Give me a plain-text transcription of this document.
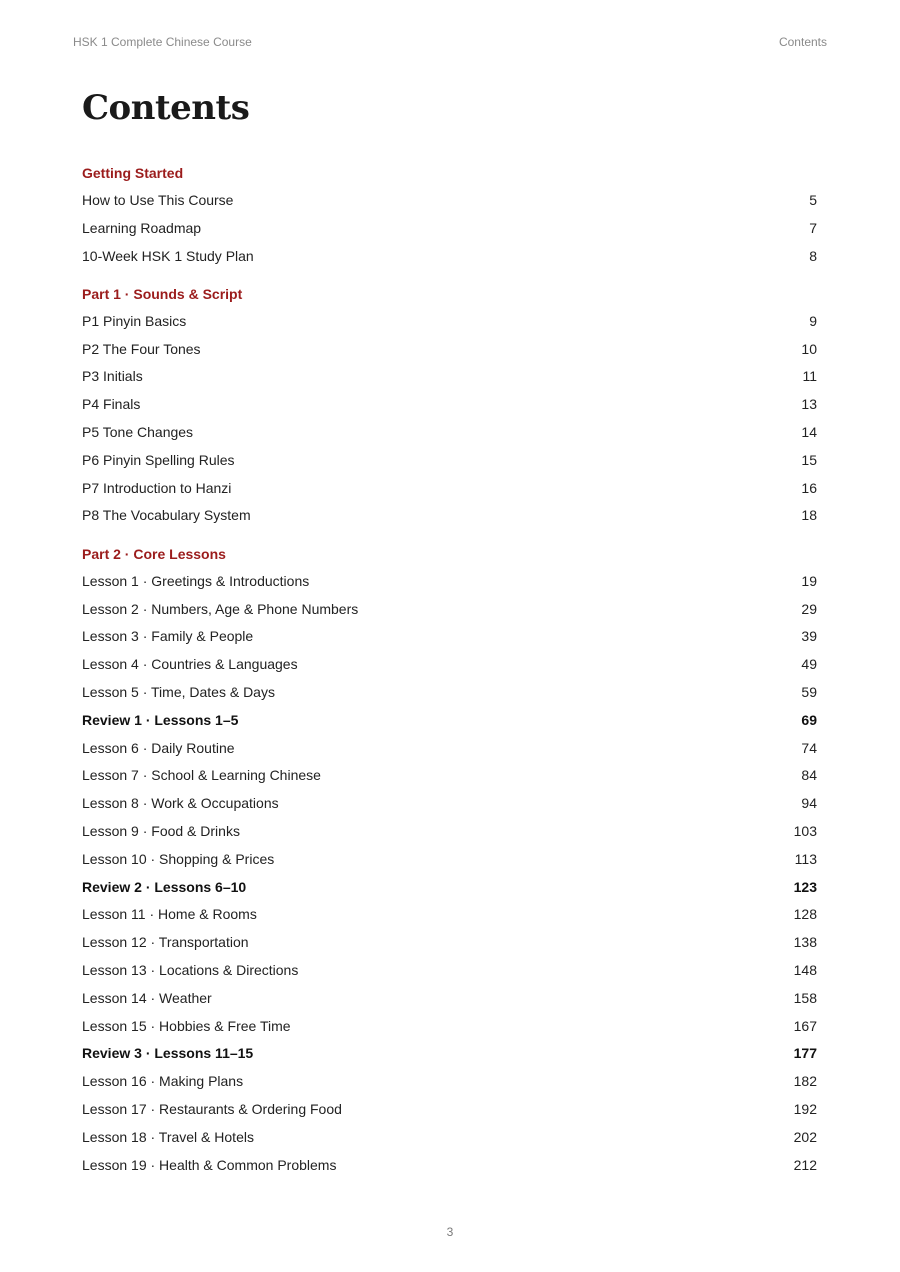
HSK 1 Complete Chinese Course	Contents
Contents
Getting Started
How to Use This Course	5
Learning Roadmap	7
10-Week HSK 1 Study Plan	8
Part 1 · Sounds & Script
P1 Pinyin Basics	9
P2 The Four Tones	10
P3 Initials	11
P4 Finals	13
P5 Tone Changes	14
P6 Pinyin Spelling Rules	15
P7 Introduction to Hanzi	16
P8 The Vocabulary System	18
Part 2 · Core Lessons
Lesson 1 · Greetings & Introductions	19
Lesson 2 · Numbers, Age & Phone Numbers	29
Lesson 3 · Family & People	39
Lesson 4 · Countries & Languages	49
Lesson 5 · Time, Dates & Days	59
Review 1 · Lessons 1–5	69
Lesson 6 · Daily Routine	74
Lesson 7 · School & Learning Chinese	84
Lesson 8 · Work & Occupations	94
Lesson 9 · Food & Drinks	103
Lesson 10 · Shopping & Prices	113
Review 2 · Lessons 6–10	123
Lesson 11 · Home & Rooms	128
Lesson 12 · Transportation	138
Lesson 13 · Locations & Directions	148
Lesson 14 · Weather	158
Lesson 15 · Hobbies & Free Time	167
Review 3 · Lessons 11–15	177
Lesson 16 · Making Plans	182
Lesson 17 · Restaurants & Ordering Food	192
Lesson 18 · Travel & Hotels	202
Lesson 19 · Health & Common Problems	212
3
